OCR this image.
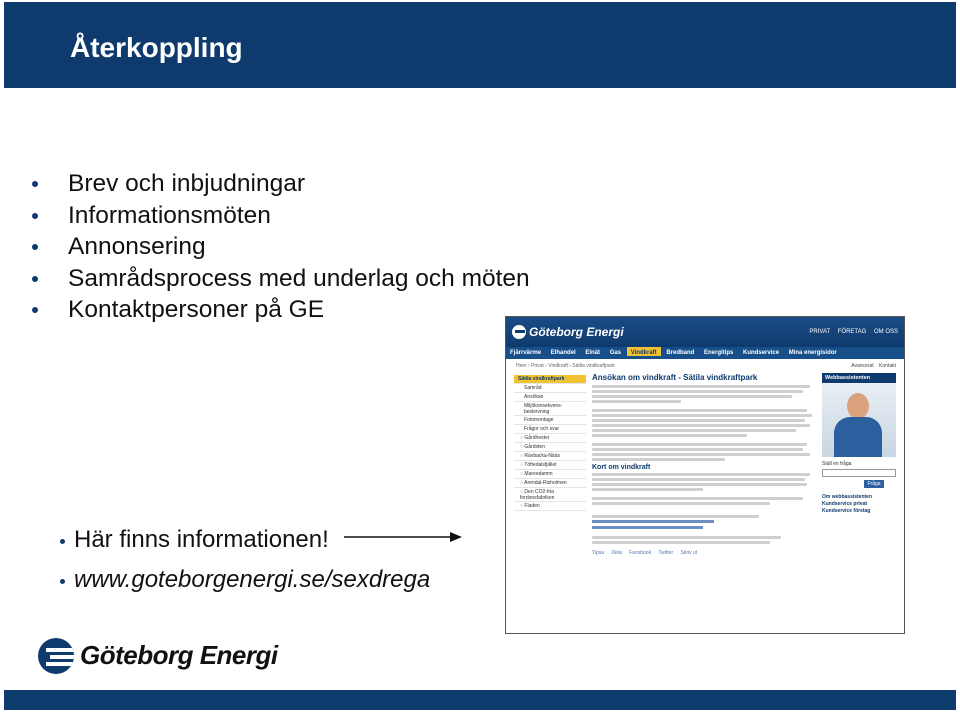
Återkoppling
Brev och inbjudningar
Informationsmöten
Annonsering
Samrådsprocess med underlag och möten
Kontaktpersoner på GE
Här finns informationen!
www.goteborgenergi.se/sexdrega
Göteborg Energi	PRIVAT FÖRETAG OM OSS
Fjärrvärme Elhandel Elnät Gas Vindkraft Bredband Energitips Kundservice Mina energisidor
Hem › Privat › Vindkraft › Sätila vindkraftpark	Avancerat Kontakt
Sätila vindkraftpark
Samråd
Ansökan
Miljökonsekvens-beskrivning
Fotomontage
Frågor och svar
○ Gårdhester
○ Gårdsten
○ Rävbacka-Nääs
○ Töftedalsfjället
○ Mareedamm
○ Arendal-Risholmen
○ Den CO2-fria fordonsfabriken
○ Fladen
Ansökan om vindkraft - Sätila vindkraftpark
Kort om vindkraft
Tipsa Dela Facebook Twitter Skriv ut
Webbassistenten
Ställ en fråga
Fråga
Om webbassistenten
Kundservice privat
Kundservice företag
Göteborg Energi
